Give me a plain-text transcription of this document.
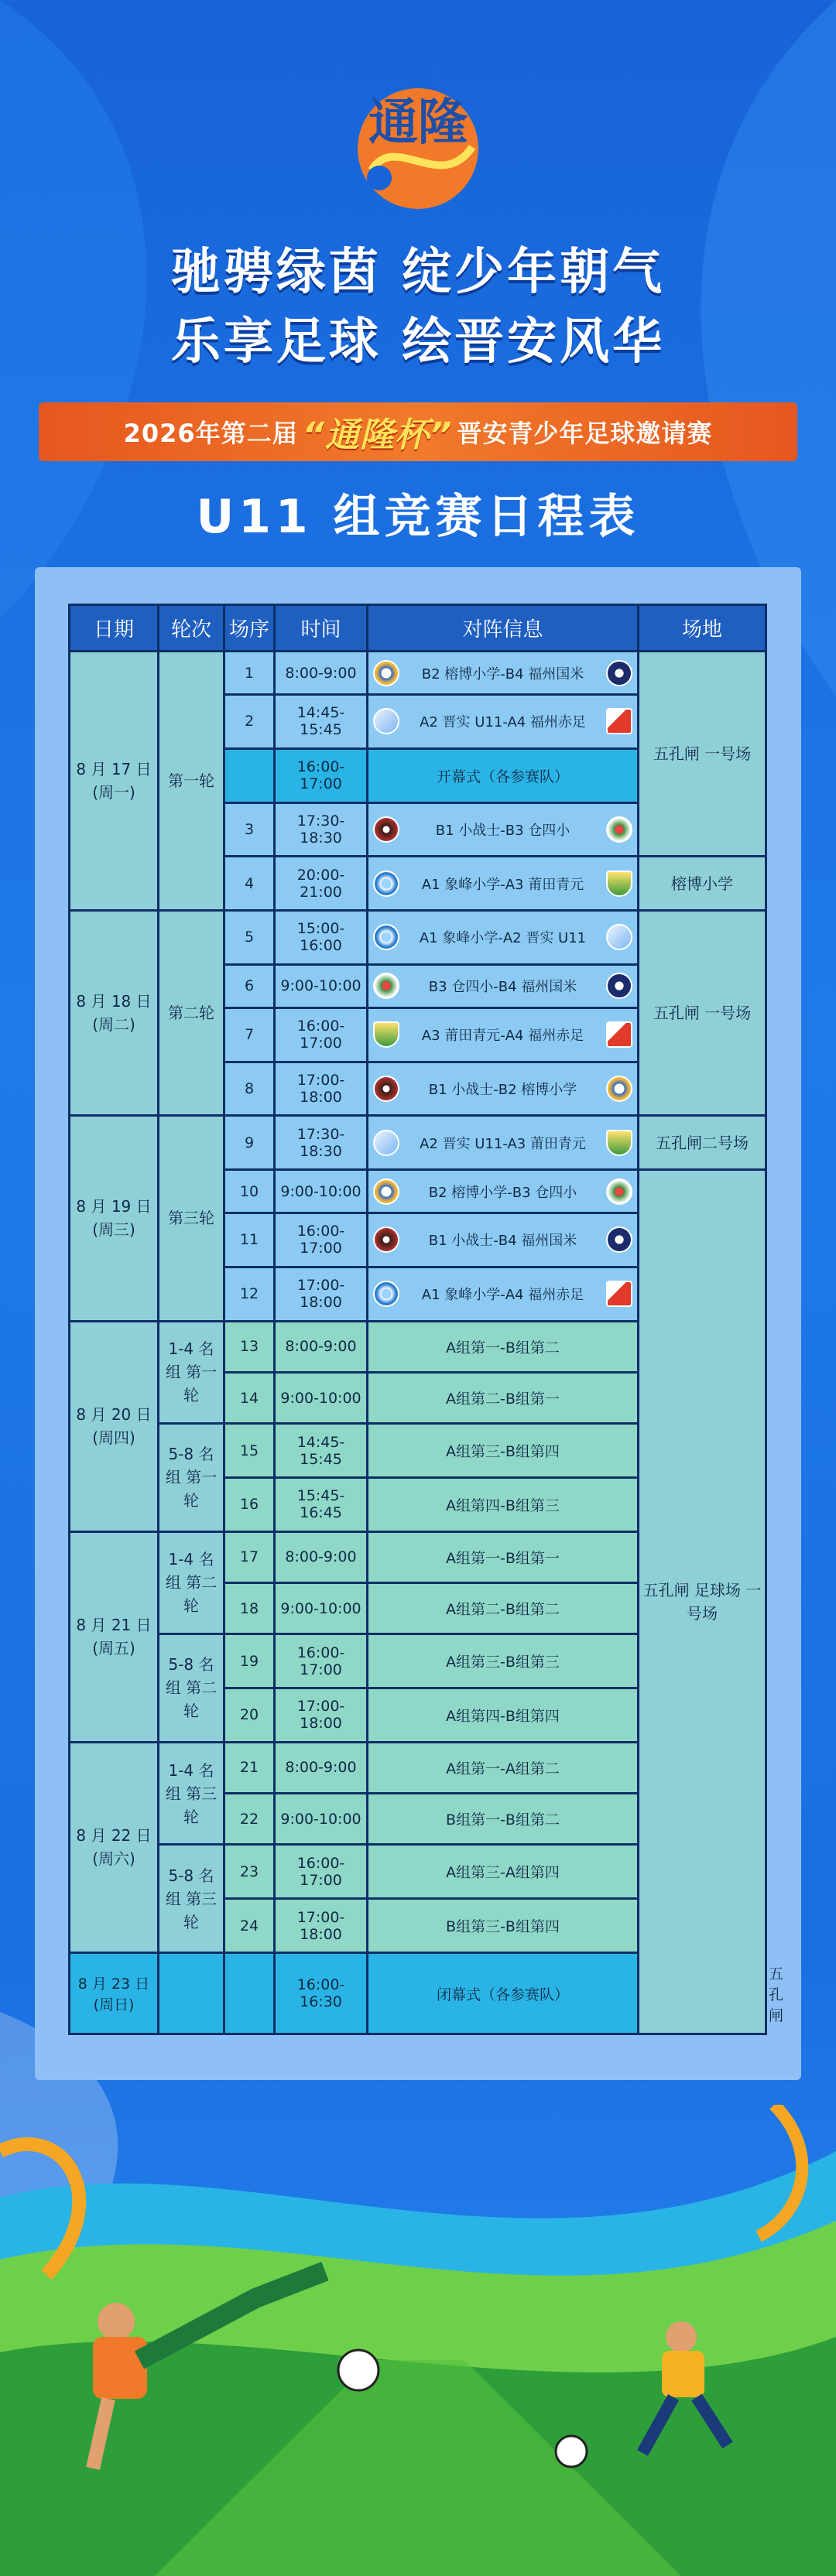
通隆
驰骋绿茵 绽少年朝气
乐享足球 绘晋安风华
2026年第二届 “通隆杯” 晋安青少年足球邀请赛
U11 组竞赛日程表
日期	轮次	场序	时间	对阵信息	场地	

8 月 17 日
(周一)	第一轮	1	8:00-9:00	B2 榕博小学-B4 福州国米	五孔闸 一号场	
		2	14:45-15:45	A2 晋实 U11-A4 福州赤足		

			16:00-17:00	开幕式（各参赛队）		
		3	17:30-18:30	B1 小战士-B3 仓四小		

		4	20:00-21:00	A1 象峰小学-A3 莆田青元	榕博小学	

8 月 18 日
(周二)	第二轮	5	15:00-16:00	A1 象峰小学-A2 晋实 U11	五孔闸 一号场	
		6	9:00-10:00	B3 仓四小-B4 福州国米		

		7	16:00-17:00	A3 莆田青元-A4 福州赤足		

		8	17:00-18:00	B1 小战士-B2 榕博小学		

8 月 19 日
(周三)	第三轮	9	17:30-18:30	A2 晋实 U11-A3 莆田青元	五孔闸二号场	
		10	9:00-10:00	B2 榕博小学-B3 仓四小	五孔闸 足球场 一号场	
		11	16:00-17:00	B1 小战士-B4 福州国米		

		12	17:00-18:00	A1 象峰小学-A4 福州赤足		

8 月 20 日
(周四)	1-4 名 组 第一轮	13	8:00-9:00	A组第一-B组第二		
		14	9:00-10:00	A组第二-B组第一		
	5-8 名 组 第一轮	15	14:45-15:45	A组第三-B组第四		
		16	15:45-16:45	A组第四-B组第三		

8 月 21 日
(周五)	1-4 名 组 第二轮	17	8:00-9:00	A组第一-B组第一		
		18	9:00-10:00	A组第二-B组第二		
	5-8 名 组 第二轮	19	16:00-17:00	A组第三-B组第三		
		20	17:00-18:00	A组第四-B组第四		

8 月 22 日
(周六)	1-4 名 组 第三轮	21	8:00-9:00	A组第一-A组第二		
		22	9:00-10:00	B组第一-B组第二		
	5-8 名 组 第三轮	23	16:00-17:00	A组第三-A组第四		
		24	17:00-18:00	B组第三-B组第四		

8 月 23 日
(周日)			16:00-16:30	闭幕式（各参赛队）	
